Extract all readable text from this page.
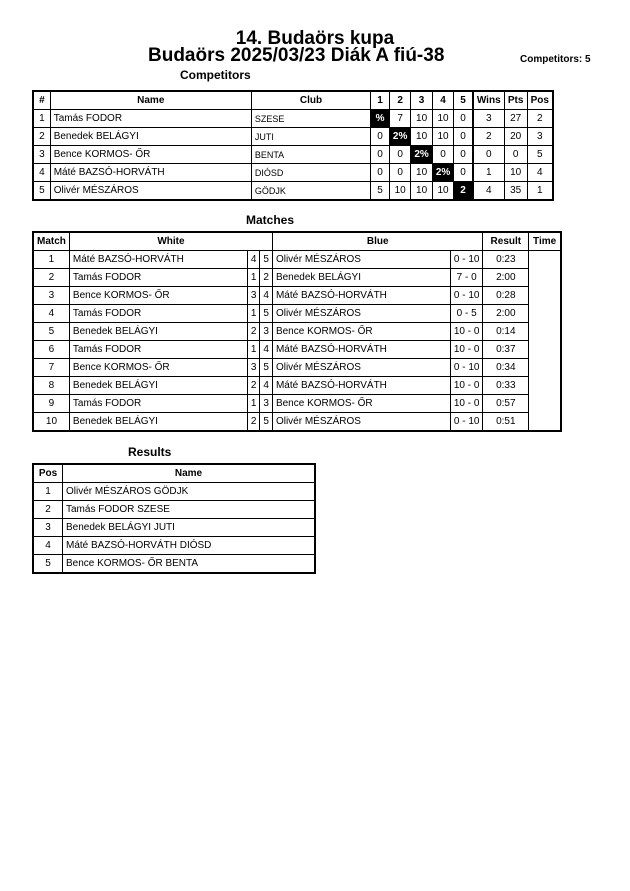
14. Budaörs kupa
Budaörs 2025/03/23 Diák A fiú-38	Competitors: 5
Competitors
#	Name	Club	1	2	3	4	5	Wins	Pts	Pos
1	Tamás FODOR	SZESE	%	7	10	10	0	3	27	2
2	Benedek BELÁGYI	JUTI	0	2%	10	10	0	2	20	3
3	Bence KORMOS- ŐR	BENTA	0	0	2%	0	0	0	0	5
4	Máté BAZSÓ-HORVÁTH	DIÓSD	0	0	10	2%	0	1	10	4
5	Olivér MÉSZÁROS	GÖDJK	5	10	10	10	2	4	35	1
Matches
Match	White			Blue		Result	Time
1	Máté BAZSÓ-HORVÁTH	4	5	Olivér MÉSZÁROS	0 - 10	0:23	
2	Tamás FODOR	1	2	Benedek BELÁGYI	7 - 0	2:00	
3	Bence KORMOS- ŐR	3	4	Máté BAZSÓ-HORVÁTH	0 - 10	0:28	
4	Tamás FODOR	1	5	Olivér MÉSZÁROS	0 - 5	2:00	
5	Benedek BELÁGYI	2	3	Bence KORMOS- ŐR	10 - 0	0:14	
6	Tamás FODOR	1	4	Máté BAZSÓ-HORVÁTH	10 - 0	0:37	
7	Bence KORMOS- ŐR	3	5	Olivér MÉSZÁROS	0 - 10	0:34	
8	Benedek BELÁGYI	2	4	Máté BAZSÓ-HORVÁTH	10 - 0	0:33	
9	Tamás FODOR	1	3	Bence KORMOS- ŐR	10 - 0	0:57	
10	Benedek BELÁGYI	2	5	Olivér MÉSZÁROS	0 - 10	0:51	
Results
Pos	Name
1	Olivér MÉSZÁROS GÖDJK
2	Tamás FODOR SZESE
3	Benedek BELÁGYI JUTI
4	Máté BAZSÓ-HORVÁTH DIÓSD
5	Bence KORMOS- ŐR BENTA
